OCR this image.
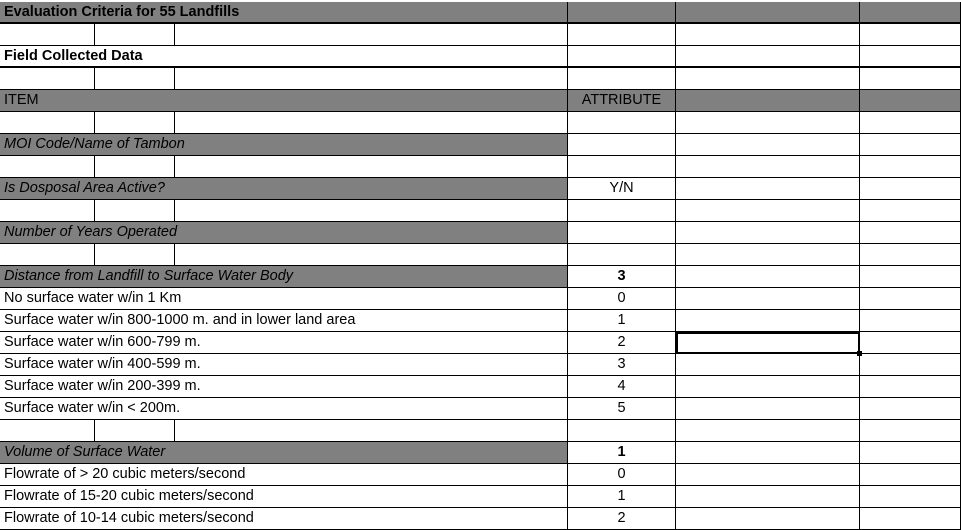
Evaluation Criteria for 55 Landfills
Field Collected Data
ITEM	ATTRIBUTE
MOI Code/Name of Tambon
Is Dosposal Area Active?	Y/N
Number of Years Operated
Distance from Landfill to Surface Water Body	3
No surface water w/in 1 Km	0
Surface water w/in 800-1000 m. and in lower land area	1
Surface water w/in 600-799 m.	2
Surface water w/in 400-599 m.	3
Surface water w/in 200-399 m.	4
Surface water w/in < 200m.	5
Volume of Surface Water	1
Flowrate of > 20 cubic meters/second	0
Flowrate of 15-20 cubic meters/second	1
Flowrate of 10-14 cubic meters/second	2
